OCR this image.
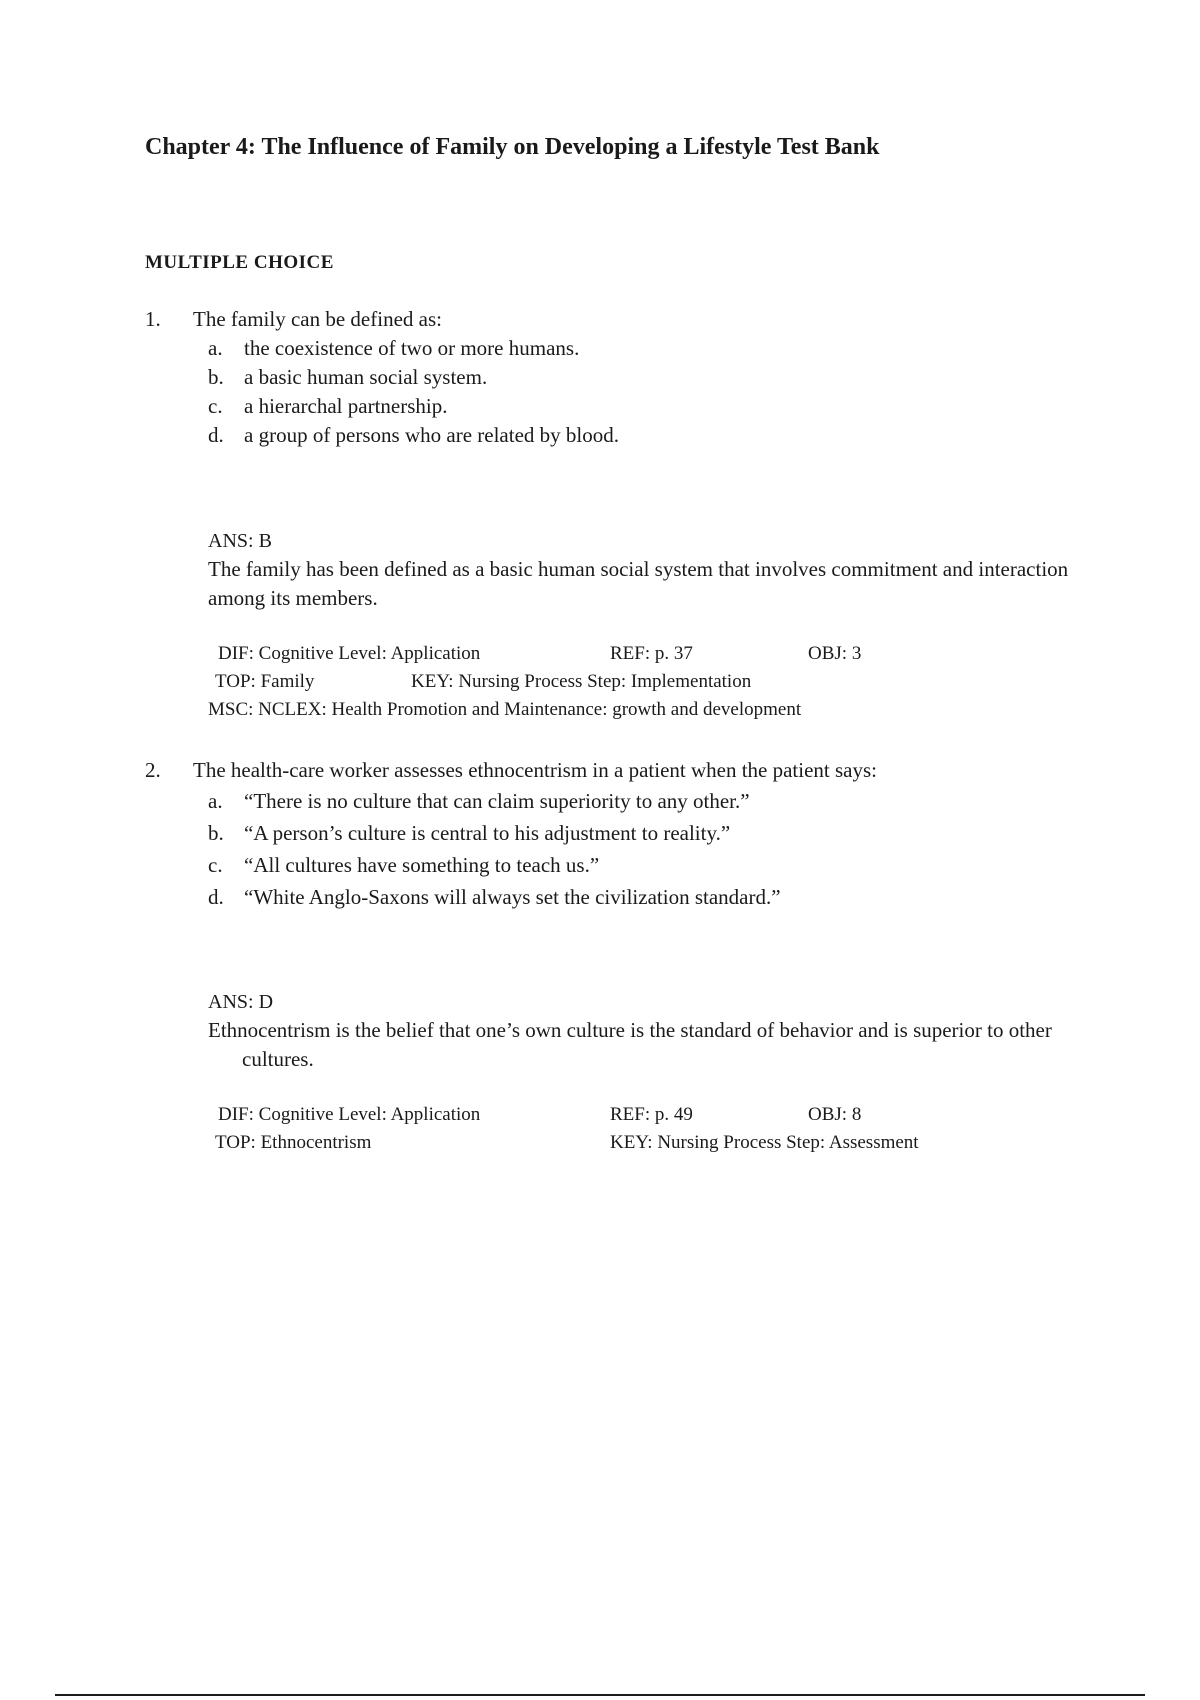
Chapter 4: The Influence of Family on Developing a Lifestyle Test Bank
MULTIPLE CHOICE
1. The family can be defined as:
a. the coexistence of two or more humans.
b. a basic human social system.
c. a hierarchal partnership.
d. a group of persons who are related by blood.
ANS: B

The family has been defined as a basic human social system that involves commitment and interaction among its members.

DIF: Cognitive Level: Application	REF: p. 37	OBJ: 3
TOP: Family	KEY: Nursing Process Step: Implementation
MSC: NCLEX: Health Promotion and Maintenance: growth and development
2. The health-care worker assesses ethnocentrism in a patient when the patient says:
a. “There is no culture that can claim superiority to any other.”
b. “A person’s culture is central to his adjustment to reality.”
c. “All cultures have something to teach us.”
d. “White Anglo-Saxons will always set the civilization standard.”
ANS: D

Ethnocentrism is the belief that one’s own culture is the standard of behavior and is superior to other cultures.

DIF: Cognitive Level: Application	REF: p. 49	OBJ: 8
TOP: Ethnocentrism	KEY: Nursing Process Step: Assessment
